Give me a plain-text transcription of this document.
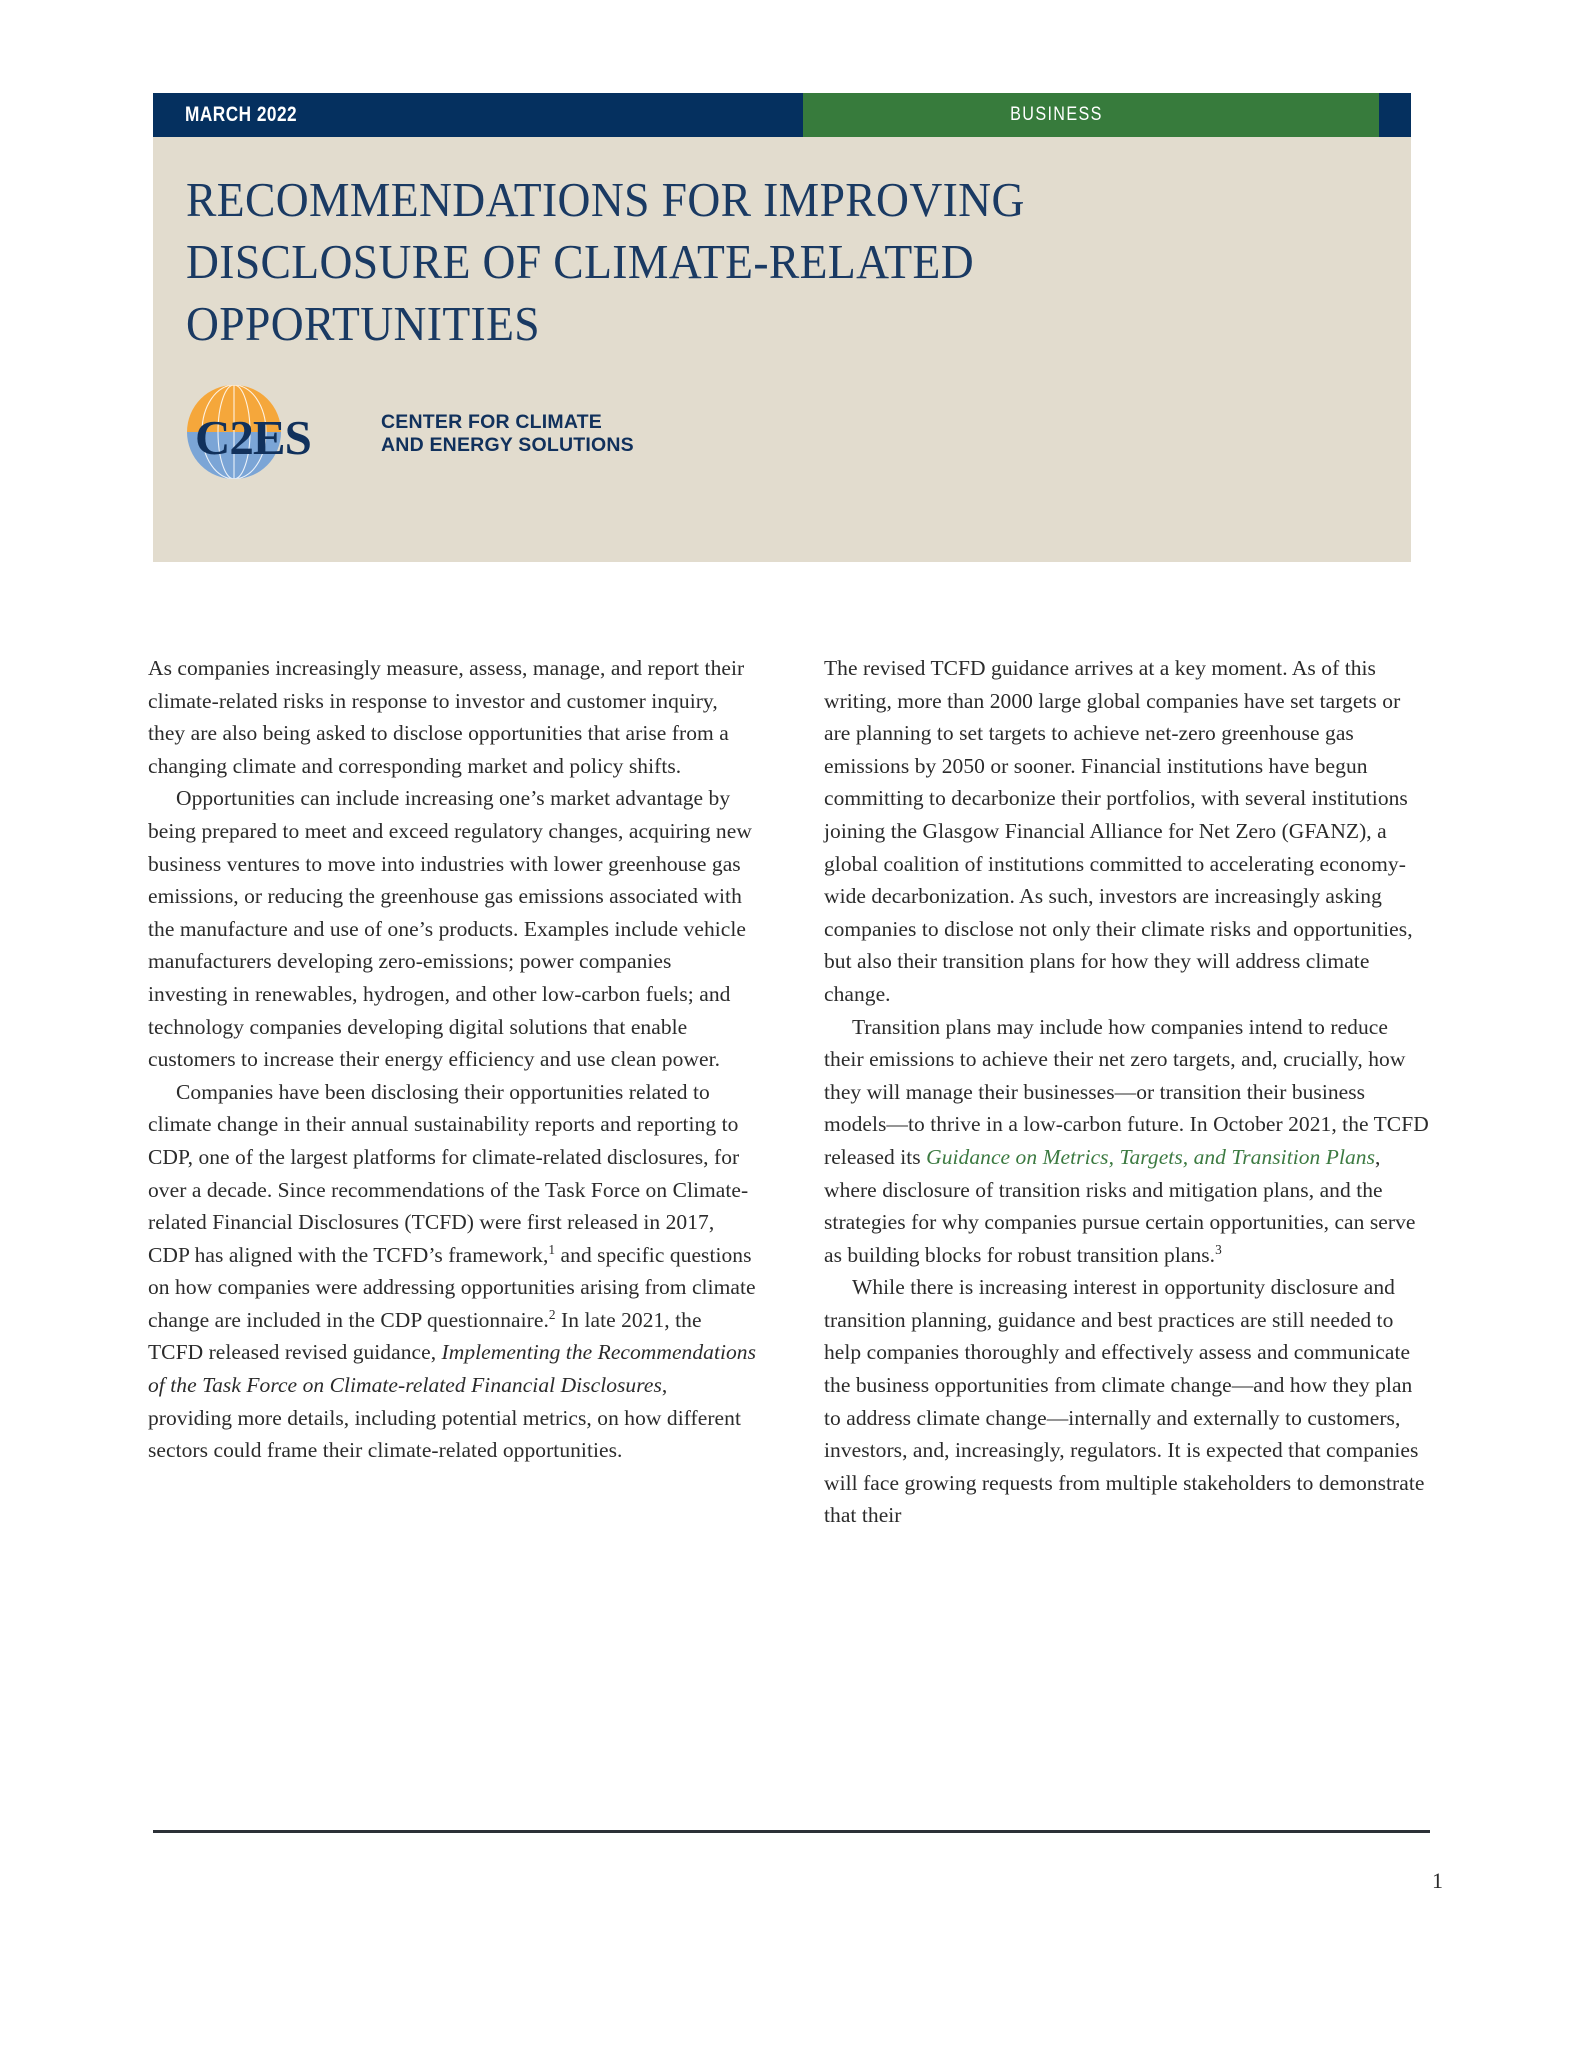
MARCH 2022	BUSINESS
RECOMMENDATIONS FOR IMPROVING
DISCLOSURE OF CLIMATE-RELATED
OPPORTUNITIES
C2ES	CENTER FOR CLIMATE
AND ENERGY SOLUTIONS

As companies increasingly measure, assess, manage, and report their climate-related risks in response to investor and customer inquiry, they are also being asked to disclose opportunities that arise from a changing climate and corresponding market and policy shifts.

Opportunities can include increasing one’s market advantage by being prepared to meet and exceed regulatory changes, acquiring new business ventures to move into industries with lower greenhouse gas emissions, or reducing the greenhouse gas emissions associated with the manufacture and use of one’s products. Examples include vehicle manufacturers developing zero-emissions; power companies investing in renewables, hydrogen, and other low-carbon fuels; and technology companies developing digital solutions that enable customers to increase their energy efficiency and use clean power.

Companies have been disclosing their opportunities related to climate change in their annual sustainability reports and reporting to CDP, one of the largest platforms for climate-related disclosures, for over a decade. Since recommendations of the Task Force on Climate-related Financial Disclosures (TCFD) were first released in 2017, CDP has aligned with the TCFD’s framework,$^1$ and specific questions on how companies were addressing opportunities arising from climate change are included in the CDP questionnaire.$^2$ In late 2021, the TCFD released revised guidance, Implementing the Recommendations of the Task Force on Climate-related Financial Disclosures, providing more details, including potential metrics, on how different sectors could frame their climate-related opportunities.

The revised TCFD guidance arrives at a key moment. As of this writing, more than 2000 large global companies have set targets or are planning to set targets to achieve net-zero greenhouse gas emissions by 2050 or sooner. Financial institutions have begun committing to decarbonize their portfolios, with several institutions joining the Glasgow Financial Alliance for Net Zero (GFANZ), a global coalition of institutions committed to accelerating economy-wide decarbonization. As such, investors are increasingly asking companies to disclose not only their climate risks and opportunities, but also their transition plans for how they will address climate change.

Transition plans may include how companies intend to reduce their emissions to achieve their net zero targets, and, crucially, how they will manage their businesses—or transition their business models—to thrive in a low-carbon future. In October 2021, the TCFD released its Guidance on Metrics, Targets, and Transition Plans, where disclosure of transition risks and mitigation plans, and the strategies for why companies pursue certain opportunities, can serve as building blocks for robust transition plans.$^3$

While there is increasing interest in opportunity disclosure and transition planning, guidance and best practices are still needed to help companies thoroughly and effectively assess and communicate the business opportunities from climate change—and how they plan to address climate change—internally and externally to customers, investors, and, increasingly, regulators. It is expected that companies will face growing requests from multiple stakeholders to demonstrate that their

1
